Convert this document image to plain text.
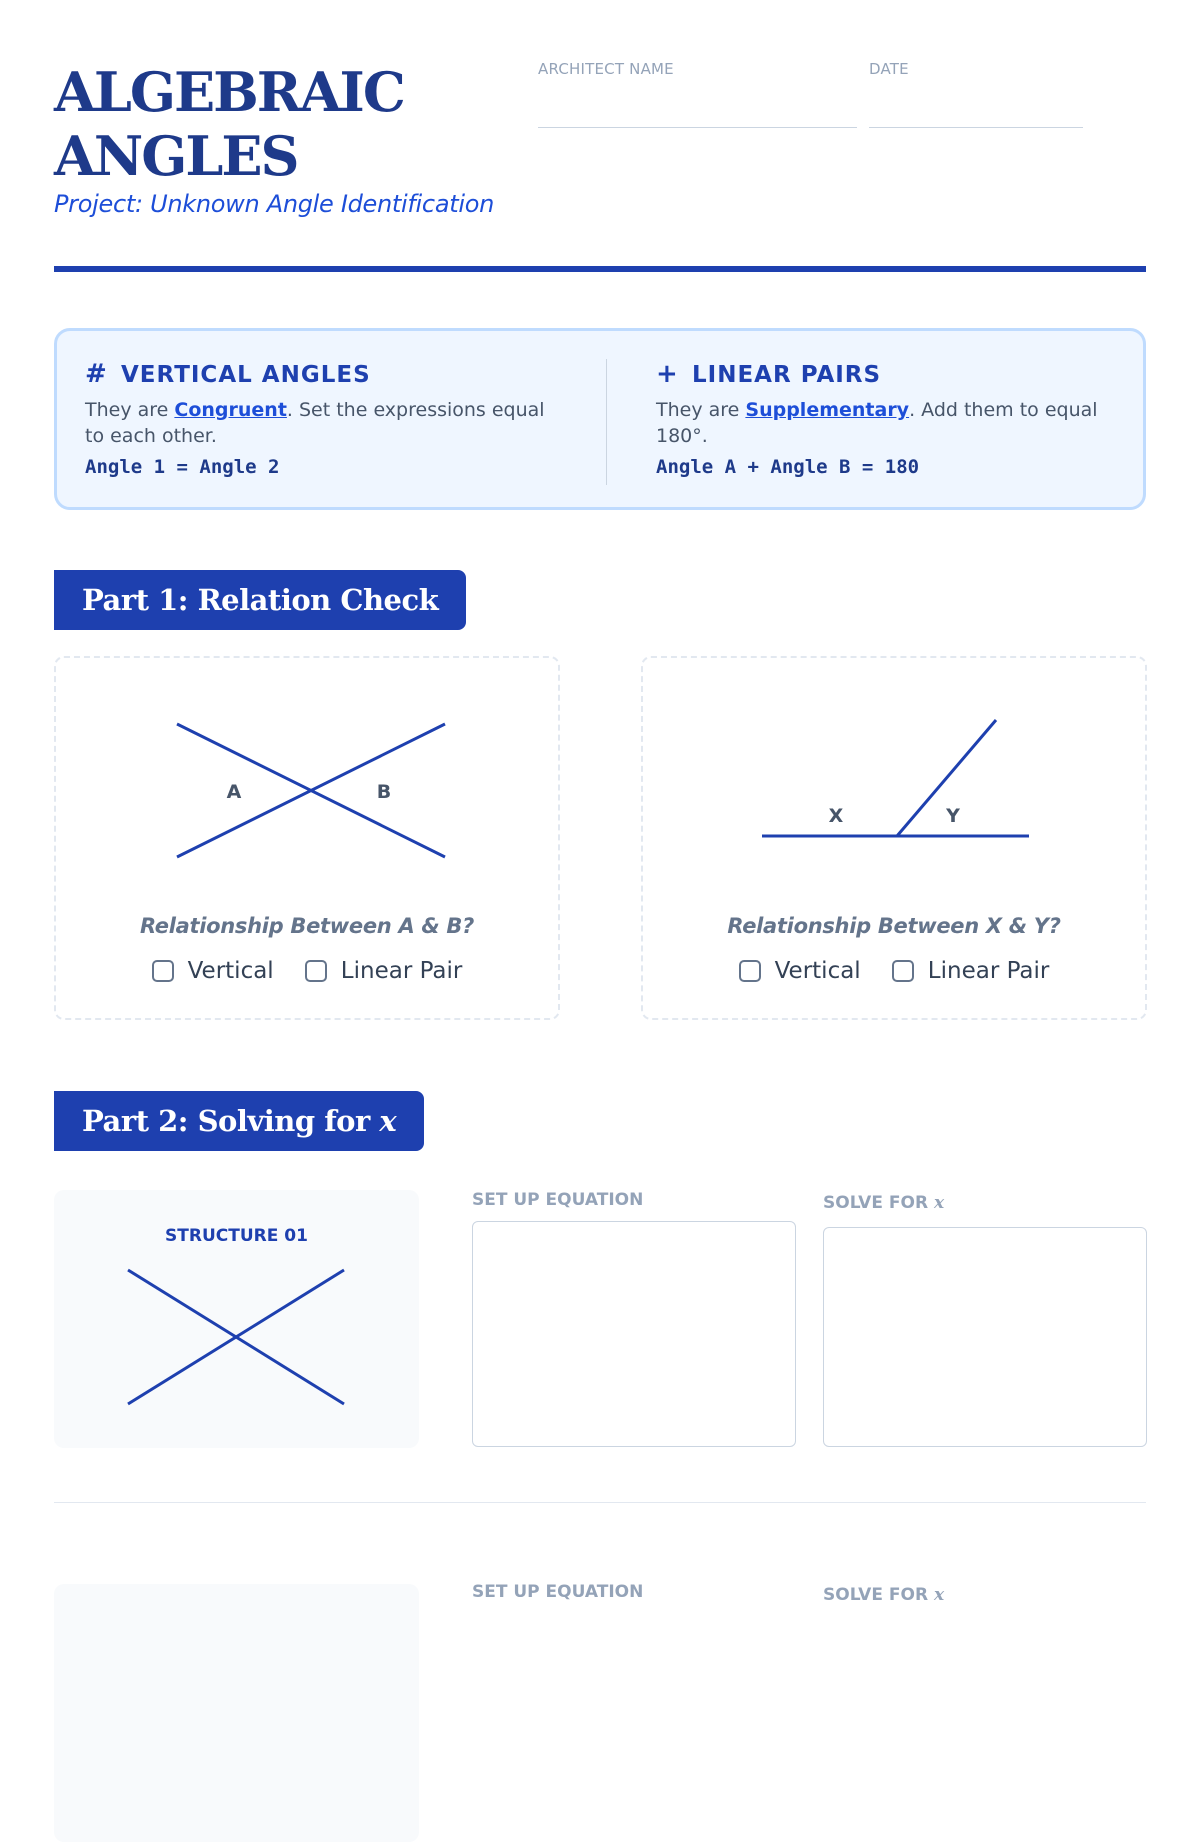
ALGEBRAIC
ANGLES
Project: Unknown Angle Identification
ARCHITECT NAME	DATE
# VERTICAL ANGLES
They are Congruent. Set the expressions equal to each other.
Angle 1 = Angle 2
+ LINEAR PAIRS
They are Supplementary. Add them to equal 180°.
Angle A + Angle B = 180
Part 1: Relation Check
A	B
Relationship Between A & B?
Vertical
	Linear Pair
X	Y
Relationship Between X & Y?
Vertical
	Linear Pair
Part 2: Solving for x
STRUCTURE 01
SET UP EQUATION	SOLVE FOR x
SET UP EQUATION	SOLVE FOR x
